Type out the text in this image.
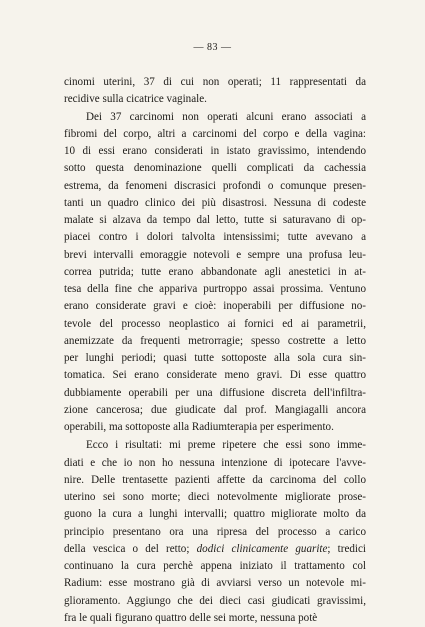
— 83 —
cinomi uterini, 37 di cui non operati; 11 rappresentati da
recidive sulla cicatrice vaginale.
Dei 37 carcinomi non operati alcuni erano associati a
fibromi del corpo, altri a carcinomi del corpo e della vagina:
10 di essi erano considerati in istato gravissimo, intendendo
sotto questa denominazione quelli complicati da cachessia
estrema, da fenomeni discrasici profondi o comunque presen-
tanti un quadro clinico dei più disastrosi. Nessuna di codeste
malate si alzava da tempo dal letto, tutte si saturavano di op-
piacei contro i dolori talvolta intensissimi; tutte avevano a
brevi intervalli emoraggie notevoli e sempre una profusa leu-
correa putrida; tutte erano abbandonate agli anestetici in at-
tesa della fine che appariva purtroppo assai prossima. Ventuno
erano considerate gravi e cioè: inoperabili per diffusione no-
tevole del processo neoplastico ai fornici ed ai parametrii,
anemizzate da frequenti metrorragie; spesso costrette a letto
per lunghi periodi; quasi tutte sottoposte alla sola cura sin-
tomatica. Sei erano considerate meno gravi. Di esse quattro
dubbiamente operabili per una diffusione discreta dell'infiltra-
zione cancerosa; due giudicate dal prof. Mangiagalli ancora
operabili, ma sottoposte alla Radiumterapia per esperimento.
Ecco i risultati: mi preme ripetere che essi sono imme-
diati e che io non ho nessuna intenzione di ipotecare l'avve-
nire. Delle trentasette pazienti affette da carcinoma del collo
uterino sei sono morte; dieci notevolmente migliorate prose-
guono la cura a lunghi intervalli; quattro migliorate molto da
principio presentano ora una ripresa del processo a carico
della vescica o del retto; dodici clinicamente guarite; tredici
continuano la cura perchè appena iniziato il trattamento col
Radium: esse mostrano già di avviarsi verso un notevole mi-
glioramento. Aggiungo che dei dieci casi giudicati gravissimi,
fra le quali figurano quattro delle sei morte, nessuna potè
